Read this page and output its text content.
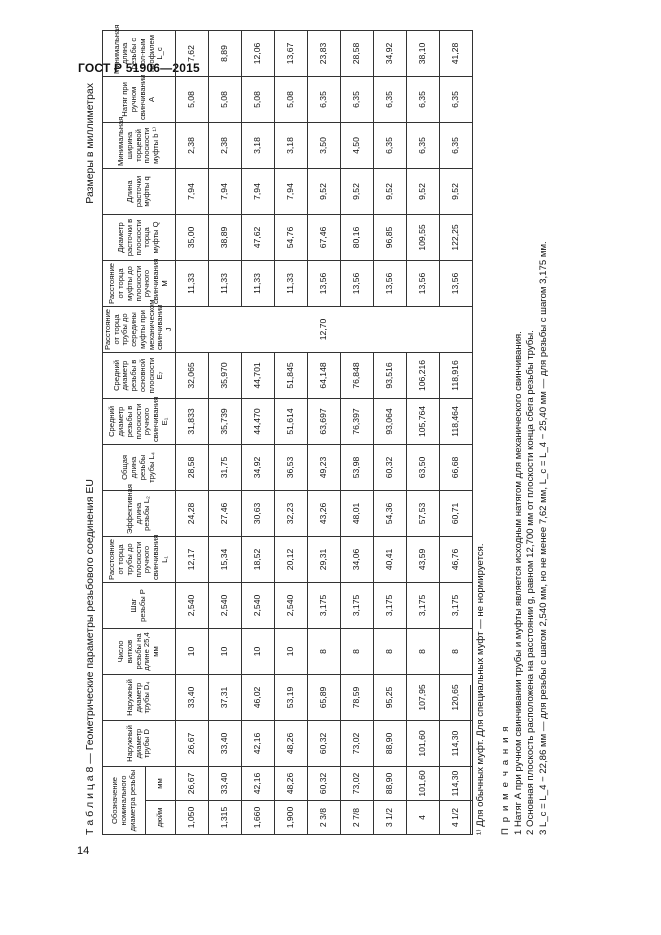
ГОСТ Р 51906—2015
Т а б л и ц а 8 — Геометрические параметры резьбового соединения EU
Размеры в миллиметрах
Обозначение номинального диаметра резьбы		Наружный диаметр трубы D	Наружный диаметр трубы D₄	Число витков резьбы на длине 25,4 мм	Шаг резьбы P	Расстояние от торца трубы до плоскости ручного свинчивания L₁	Эффективная длина резьбы L₂	Общая длина резьбы трубы L₄	Средний диаметр резьбы в плоскости ручного свинчивания E₁	Средний диаметр резьбы в основной плоскости E₇	Расстояние от торца трубы до середины муфты при механическом свинчивании J	Расстояние от торца муфты до плоскости ручного свинчивания M	Диаметр расточки в плоскости торца муфты Q	Длина расточки муфты q	Минимальная ширина торцевой плоскости муфты b ¹⁾	Натяг при ручном свинчивании A	Минимальная длина резьбы с пол-ным профилем L_c
дюйм	мм																
1,050	26,67	26,67	33,40	10	2,540	12,17	24,28	28,58	31,833	32,065	12,70	11,33	35,00	7,94	2,38	5,08	7,62
1,315	33,40	33,40	37,31	10	2,540	15,34	27,46	31,75	35,739	35,970		11,33	38,89	7,94	2,38	5,08	8,89
1,660	42,16	42,16	46,02	10	2,540	18,52	30,63	34,92	44,470	44,701		11,33	47,62	7,94	3,18	5,08	12,06
1,900	48,26	48,26	53,19	10	2,540	20,12	32,23	36,53	51,614	51,845		11,33	54,76	7,94	3,18	5,08	13,67
2 3/8	60,32	60,32	65,89	8	3,175	29,31	43,26	49,23	63,697	64,148		13,56	67,46	9,52	3,50	6,35	23,83
2 7/8	73,02	73,02	78,59	8	3,175	34,06	48,01	53,98	76,397	76,848		13,56	80,16	9,52	4,50	6,35	28,58
3 1/2	88,90	88,90	95,25	8	3,175	40,41	54,36	60,32	93,064	93,516		13,56	96,85	9,52	6,35	6,35	34,92
4	101,60	101,60	107,95	8	3,175	43,59	57,53	63,50	105,764	106,216		13,56	109,55	9,52	6,35	6,35	38,10
4 1/2	114,30	114,30	120,65	8	3,175	46,76	60,71	66,68	118,464	118,916		13,56	122,25	9,52	6,35	6,35	41,28
¹⁾ Для обычных муфт. Для специальных муфт — не нормируется. П р и м е ч а н и я 1 Натяг А при ручном свинчивании трубы и муфты является исходным натягом для механического свинчивания. 2 Основная плоскость расположена на расстоянии g, равном 12,700 мм от плоскости конца сбега резьбы трубы. 3 L_c = L_4 − 22,86 мм — для резьбы с шагом 2,540 мм, но не менее 7,62 мм, L_c = L_4 − 25,40 мм — для резьбы с шагом 3,175 мм.
14
